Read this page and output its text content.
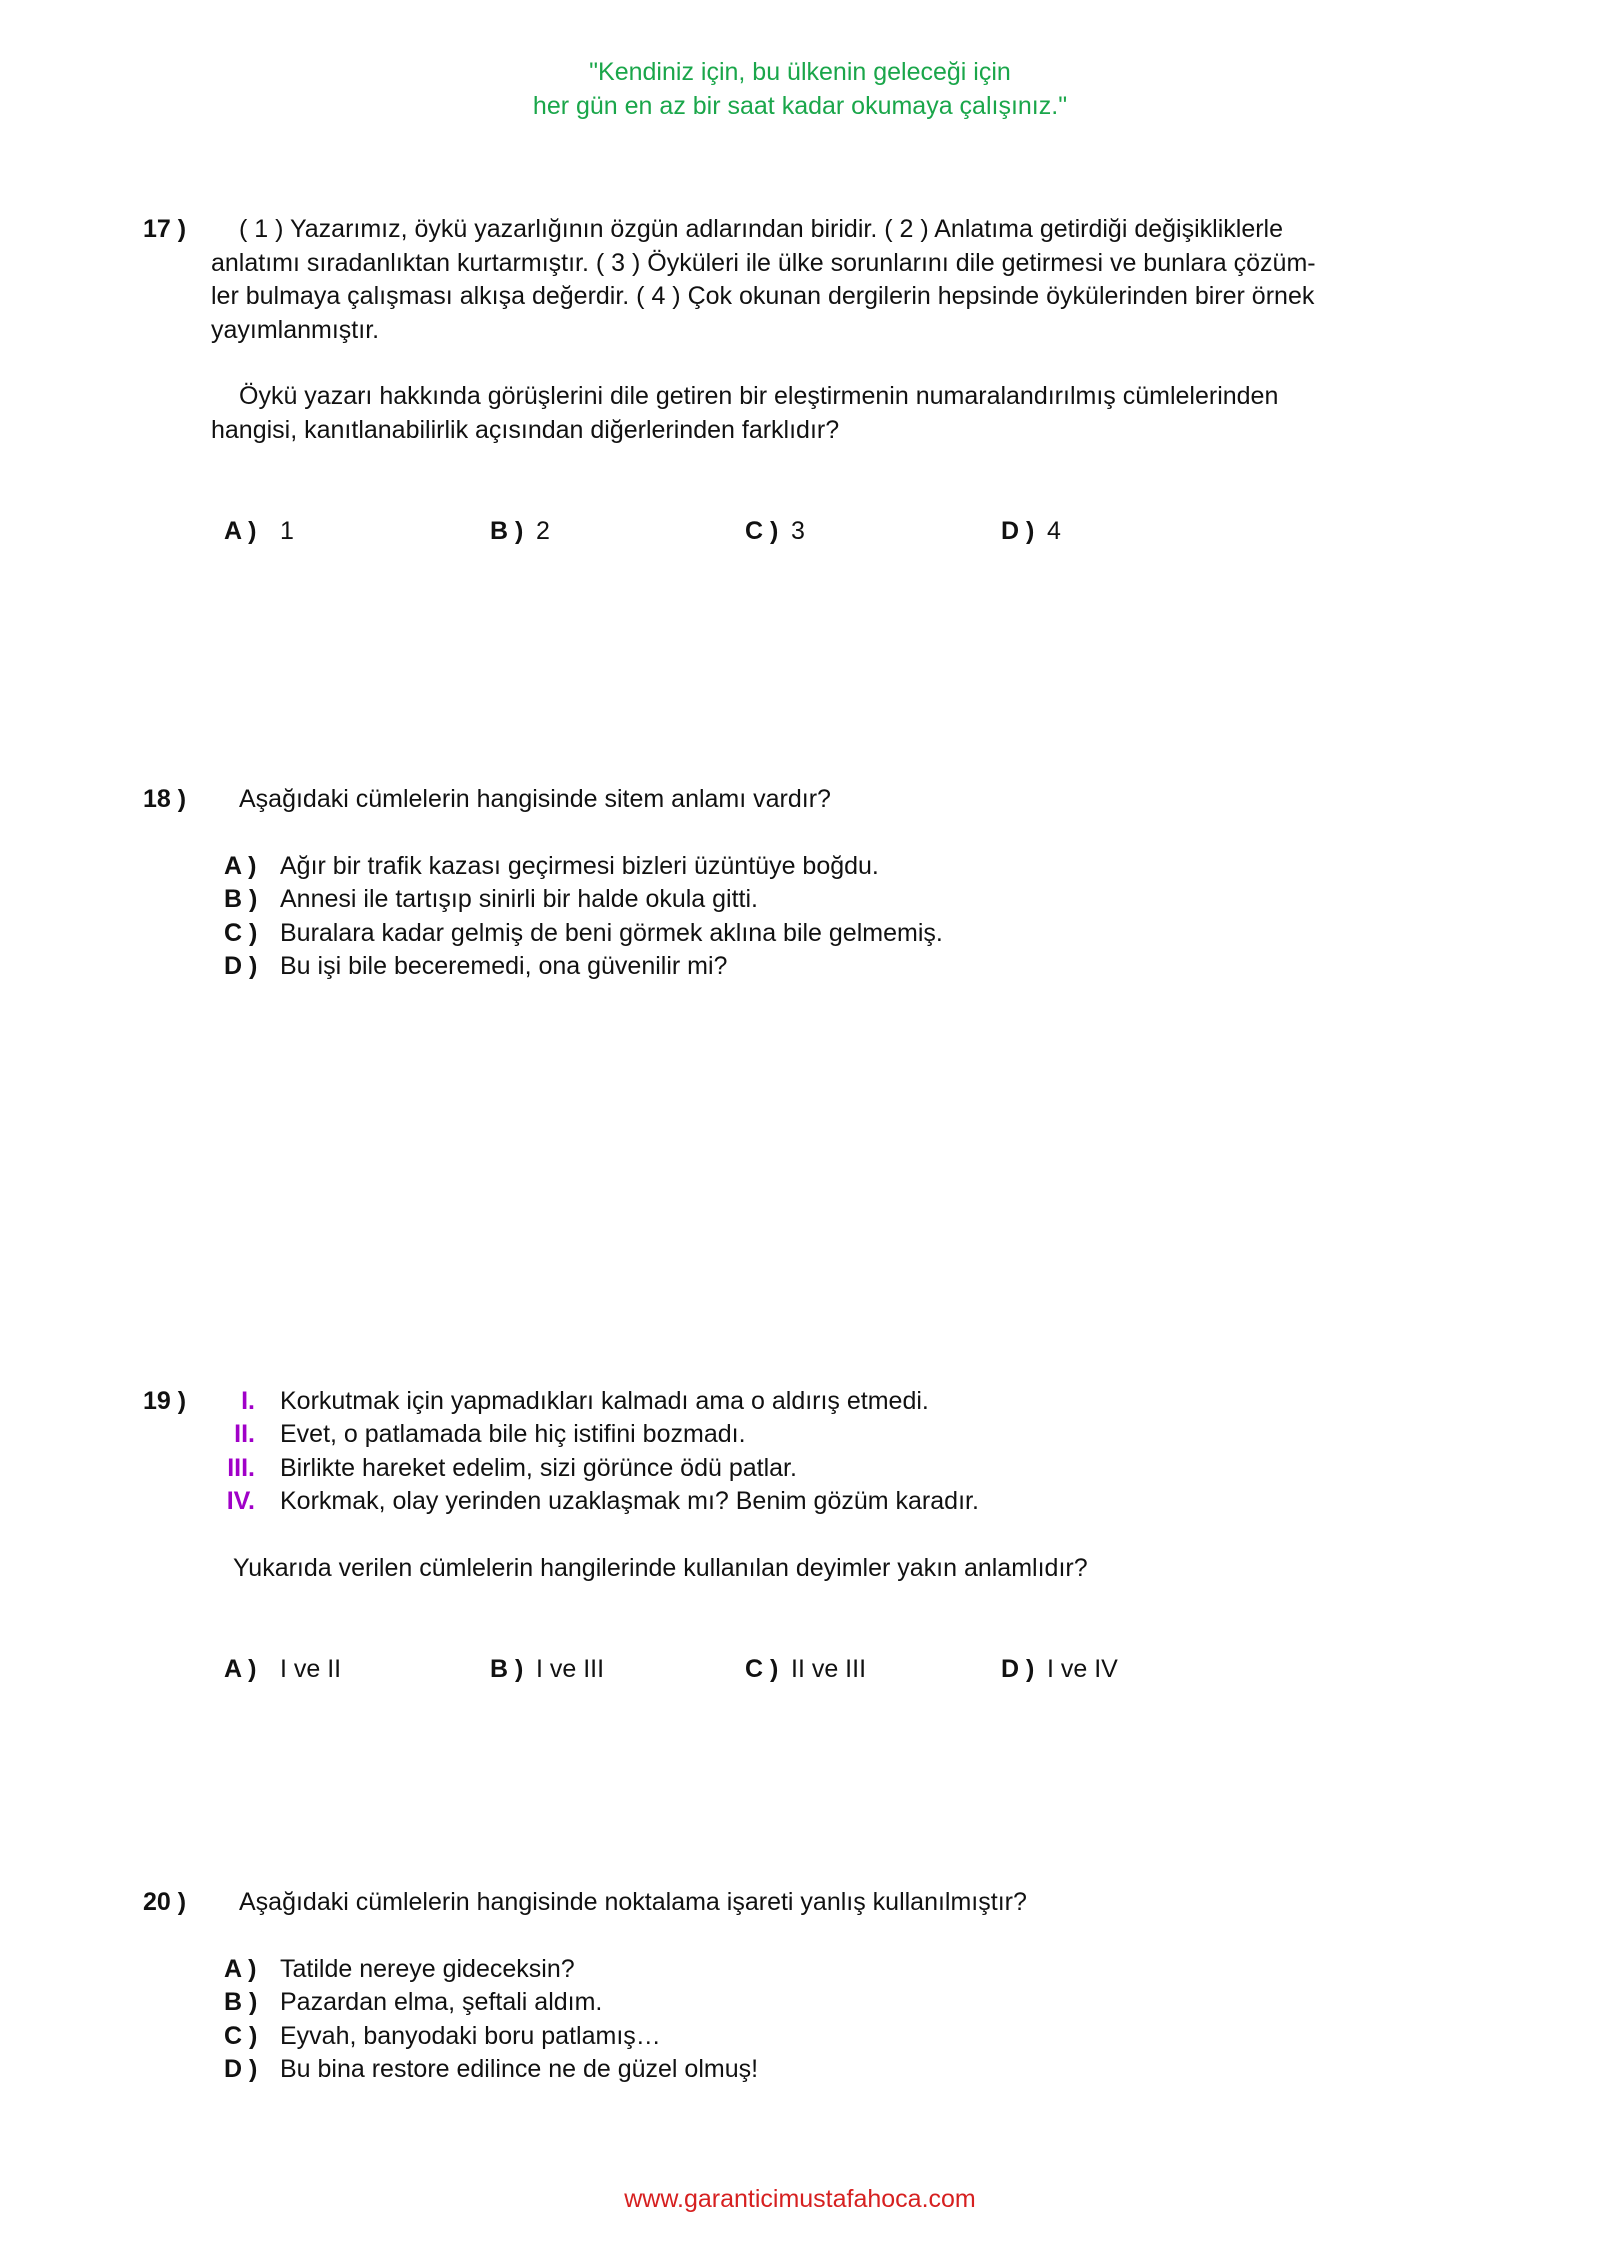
"Kendiniz için, bu ülkenin geleceği için
her gün en az bir saat kadar okumaya çalışınız."
17 )	( 1 ) Yazarımız, öykü yazarlığının özgün adlarından biridir. ( 2 ) Anlatıma getirdiği değişikliklerle
anlatımı sıradanlıktan kurtarmıştır. ( 3 ) Öyküleri ile ülke sorunlarını dile getirmesi ve bunlara çözüm-
ler bulmaya çalışması alkışa değerdir. ( 4 ) Çok okunan dergilerin hepsinde öykülerinden birer örnek
yayımlanmıştır.
Öykü yazarı hakkında görüşlerini dile getiren bir eleştirmenin numaralandırılmış cümlelerinden
hangisi, kanıtlanabilirlik açısından diğerlerinden farklıdır?
A ) 1	B ) 2	C ) 3	D ) 4
18 ) Aşağıdaki cümlelerin hangisinde sitem anlamı vardır?
A ) Ağır bir trafik kazası geçirmesi bizleri üzüntüye boğdu.
B ) Annesi ile tartışıp sinirli bir halde okula gitti.
C ) Buralara kadar gelmiş de beni görmek aklına bile gelmemiş.
D ) Bu işi bile beceremedi, ona güvenilir mi?
19 )	I. Korkutmak için yapmadıkları kalmadı ama o aldırış etmedi.
II. Evet, o patlamada bile hiç istifini bozmadı.
III. Birlikte hareket edelim, sizi görünce ödü patlar.
IV. Korkmak, olay yerinden uzaklaşmak mı? Benim gözüm karadır.
Yukarıda verilen cümlelerin hangilerinde kullanılan deyimler yakın anlamlıdır?
A ) I ve II	B ) I ve III	C ) II ve III	D ) I ve IV
20 ) Aşağıdaki cümlelerin hangisinde noktalama işareti yanlış kullanılmıştır?
A ) Tatilde nereye gideceksin?
B ) Pazardan elma, şeftali aldım.
C ) Eyvah, banyodaki boru patlamış…
D ) Bu bina restore edilince ne de güzel olmuş!
www.garanticimustafahoca.com
